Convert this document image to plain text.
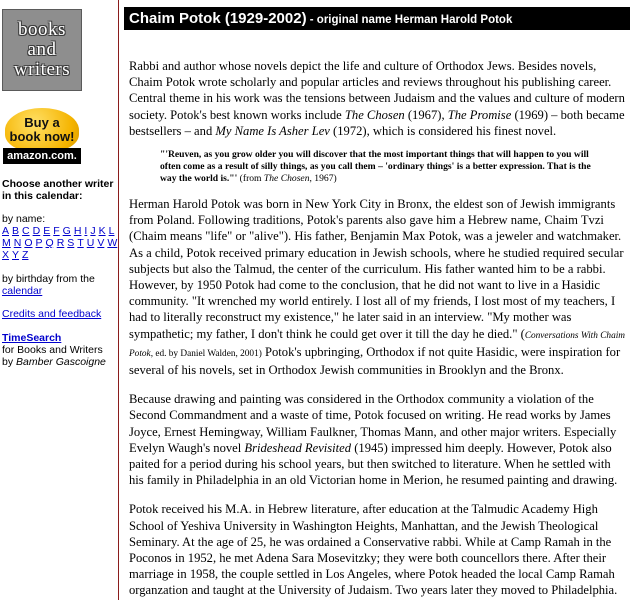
books
and
writers
Buy a
book now!
amazon.com.
Choose another writer in this calendar:
by name:
A B C D E F G H I J K L
M N O P Q R S T U V W
X Y Z
by birthday from the
calendar
Credits and feedback
TimeSearch
for Books and Writers
by Bamber Gascoigne
Chaim Potok (1929-2002) - original name Herman Harold Potok

Rabbi and author whose novels depict the life and culture of Orthodox Jews. Besides novels, Chaim Potok wrote scholarly and popular articles and reviews throughout his publishing career. Central theme in his work was the tensions between Judaism and the values and culture of modern society. Potok's best known works include The Chosen (1967), The Promise (1969) – both became bestsellers – and My Name Is Asher Lev (1972), which is considered his finest novel.

"'Reuven, as you grow older you will discover that the most important things that will happen to you will often come as a result of silly things, as you call them – 'ordinary things' is a better expression. That is the way the world is."' (from The Chosen, 1967)

Herman Harold Potok was born in New York City in Bronx, the eldest son of Jewish immigrants from Poland. Following traditions, Potok's parents also gave him a Hebrew name, Chaim Tvzi (Chaim means "life" or "alive"). His father, Benjamin Max Potok, was a jeweler and watchmaker. As a child, Potok received primary education in Jewish schools, where he studied required secular subjects but also the Talmud, the center of the curriculum. His father wanted him to be a rabbi. However, by 1950 Potok had come to the conclusion, that he did not want to live in a Hasidic community. "It wrenched my world entirely. I lost all of my friends, I lost most of my teachers, I had to literally reconstruct my existence," he later said in an interview. "My mother was sympathetic; my father, I don't think he could get over it till the day he died." (Conversations With Chaim Potok, ed. by Daniel Walden, 2001) Potok's upbringing, Orthodox if not quite Hasidic, were inspiration for several of his novels, set in Orthodox Jewish communities in Brooklyn and the Bronx.

Because drawing and painting was considered in the Orthodox community a violation of the Second Commandment and a waste of time, Potok focused on writing. He read works by James Joyce, Ernest Hemingway, William Faulkner, Thomas Mann, and other major writers. Especially Evelyn Waugh's novel Brideshead Revisited (1945) impressed him deeply. However, Potok also paited for a period during his school years, but then switched to literature. When he settled with his family in Philadelphia in an old Victorian home in Merion, he resumed painting and drawing.

Potok received his M.A. in Hebrew literature, after education at the Talmudic Academy High School of Yeshiva University in Washington Heights, Manhattan, and the Jewish Theological Seminary. At the age of 25, he was ordained a Conservative rabbi. While at Camp Ramah in the Poconos in 1952, he met Adena Sara Mosevitzky; they were both councellors there. After their marriage in 1958, the couple settled in Los Angeles, where Potok headed the local Camp Ramah organzation and taught at the University of Judaism. Two years later they moved to Philadelphia.
